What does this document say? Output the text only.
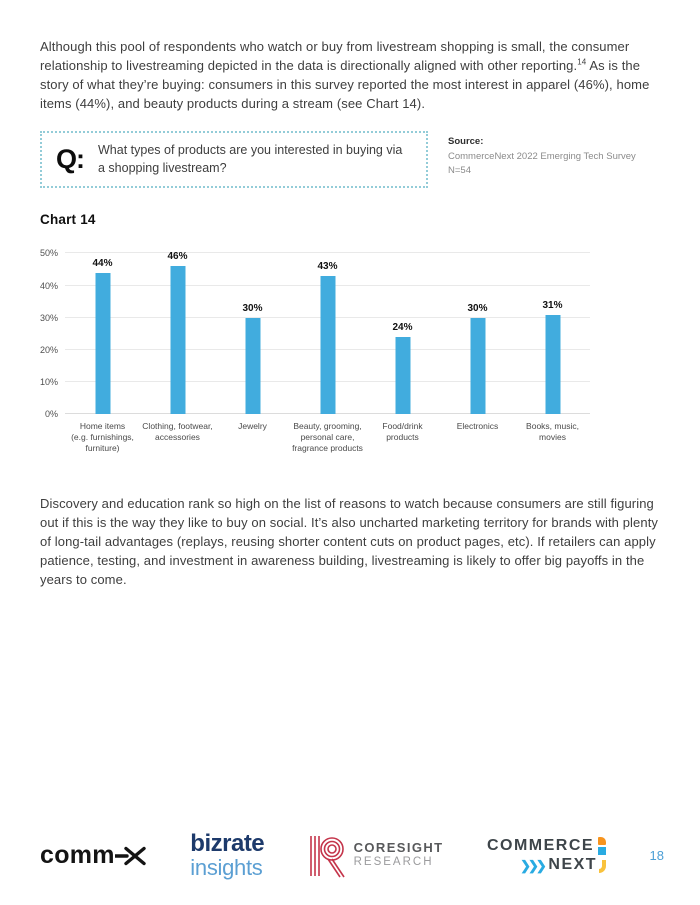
Although this pool of respondents who watch or buy from livestream shopping is small, the consumer relationship to livestreaming depicted in the data is directionally aligned with other reporting.$^{14}$ As is the story of what they’re buying: consumers in this survey reported the most interest in apparel (46%), home items (44%), and beauty products during a stream (see Chart 14).

Q: What types of products are you interested in buying via a shopping livestream?
Source:
CommerceNext 2022 Emerging Tech Survey
N=54
Chart 14
0%
10%
20%
30%
40%
50%
44%
46%
30%
43%
24%
30%	31%
Home items
(e.g. furnishings,
furniture)
Clothing, footwear,
accessories
Jewelry	Beauty, grooming,
personal care,
fragrance products
Food/drink
products
Electronics	Books, music,
movies

Discovery and education rank so high on the list of reasons to watch because consumers are still figuring out if this is the way they like to buy on social. It’s also uncharted marketing territory for brands with plenty of long-tail advantages (replays, reusing shorter content cuts on product pages, etc). If retailers can apply patience, testing, and investment in awareness building, livestreaming is likely to offer big payoffs in the years to come.

comm	bizrate
insights
CORESIGHT
RESEARCH
COMMERCE
❯❯❯ NEXT
18
